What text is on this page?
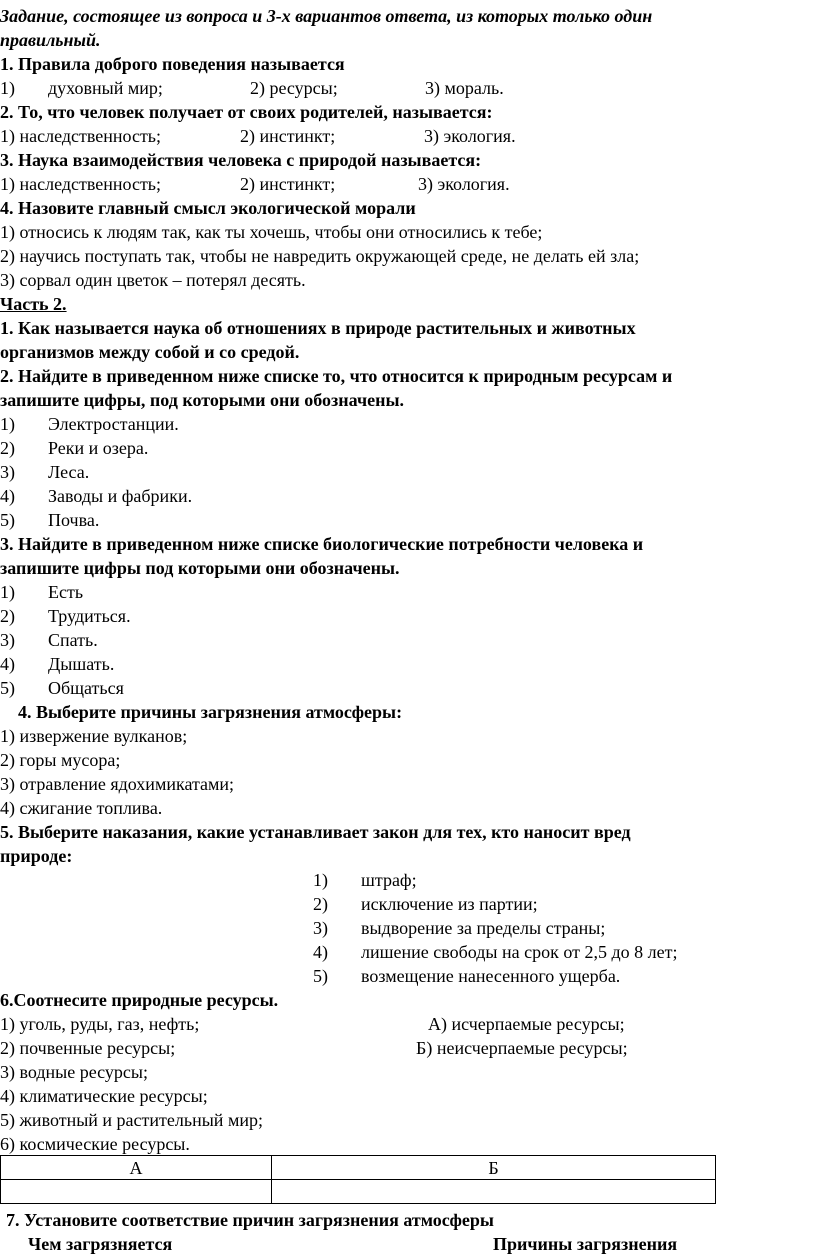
Задание, состоящее из вопроса и 3-х вариантов ответа, из которых только один
правильный.
1. Правила доброго поведения называется
1) духовный мир;	2) ресурсы;	3) мораль.
2. То, что человек получает от своих родителей, называется:
1) наследственность;	2) инстинкт;	3) экология.
3. Наука взаимодействия человека с природой называется:
1) наследственность;	2) инстинкт;	3) экология.
4. Назовите главный смысл экологической морали
1) относись к людям так, как ты хочешь, чтобы они относились к тебе;
2) научись поступать так, чтобы не навредить окружающей среде, не делать ей зла;
3) сорвал один цветок – потерял десять.
Часть 2.
1. Как называется наука об отношениях в природе растительных и животных
организмов между собой и со средой.
2. Найдите в приведенном ниже списке то, что относится к природным ресурсам и
запишите цифры, под которыми они обозначены.
1) Электростанции.
2) Реки и озера.
3) Леса.
4) Заводы и фабрики.
5) Почва.
3. Найдите в приведенном ниже списке биологические потребности человека и
запишите цифры под которыми они обозначены.
1) Есть
2) Трудиться.
3) Спать.
4) Дышать.
5) Общаться
4. Выберите причины загрязнения атмосферы:
1) извержение вулканов;
2) горы мусора;
3) отравление ядохимикатами;
4) сжигание топлива.
5. Выберите наказания, какие устанавливает закон для тех, кто наносит вред
природе:
1) штраф;
2) исключение из партии;
3) выдворение за пределы страны;
4) лишение свободы на срок от 2,5 до 8 лет;
5) возмещение нанесенного ущерба.
6.Соотнесите природные ресурсы.
1) уголь, руды, газ, нефть;	А) исчерпаемые ресурсы;
2) почвенные ресурсы;	Б) неисчерпаемые ресурсы;
3) водные ресурсы;
4) климатические ресурсы;
5) животный и растительный мир;
6) космические ресурсы.
А	Б

7. Установите соответствие причин загрязнения атмосферы
Чем загрязняется	Причины загрязнения
